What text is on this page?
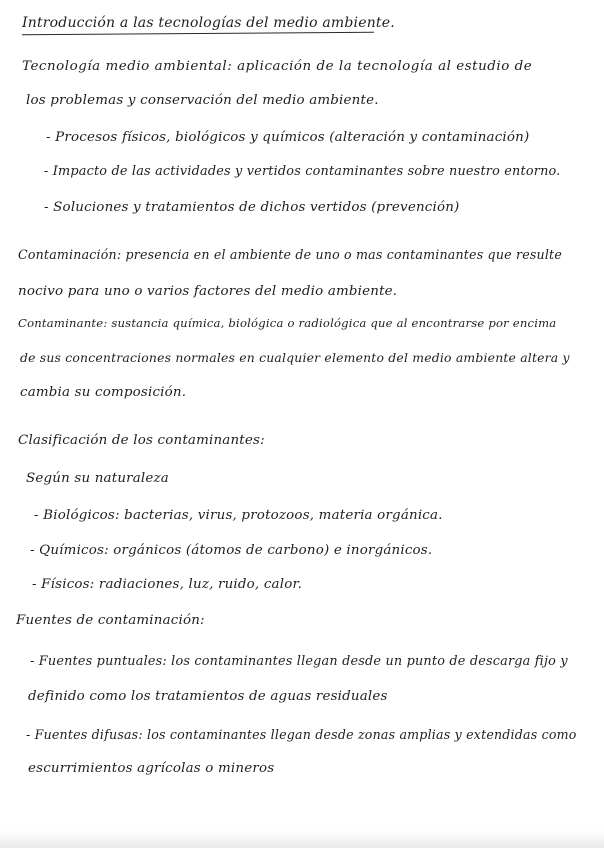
Introducción a las tecnologías del medio ambiente.
Tecnología medio ambiental: aplicación de la tecnología al estudio de
los problemas y conservación del medio ambiente.
- Procesos físicos, biológicos y químicos (alteración y contaminación)
- Impacto de las actividades y vertidos contaminantes sobre nuestro entorno.
- Soluciones y tratamientos de dichos vertidos (prevención)
Contaminación: presencia en el ambiente de uno o mas contaminantes que resulte
nocivo para uno o varios factores del medio ambiente.
Contaminante: sustancia química, biológica o radiológica que al encontrarse por encima
de sus concentraciones normales en cualquier elemento del medio ambiente altera y
cambia su composición.
Clasificación de los contaminantes:
Según su naturaleza
- Biológicos: bacterias, virus, protozoos, materia orgánica.
- Químicos: orgánicos (átomos de carbono) e inorgánicos.
- Físicos: radiaciones, luz, ruido, calor.
Fuentes de contaminación:
- Fuentes puntuales: los contaminantes llegan desde un punto de descarga fijo y
definido como los tratamientos de aguas residuales
- Fuentes difusas: los contaminantes llegan desde zonas amplias y extendidas como
escurrimientos agrícolas o mineros
